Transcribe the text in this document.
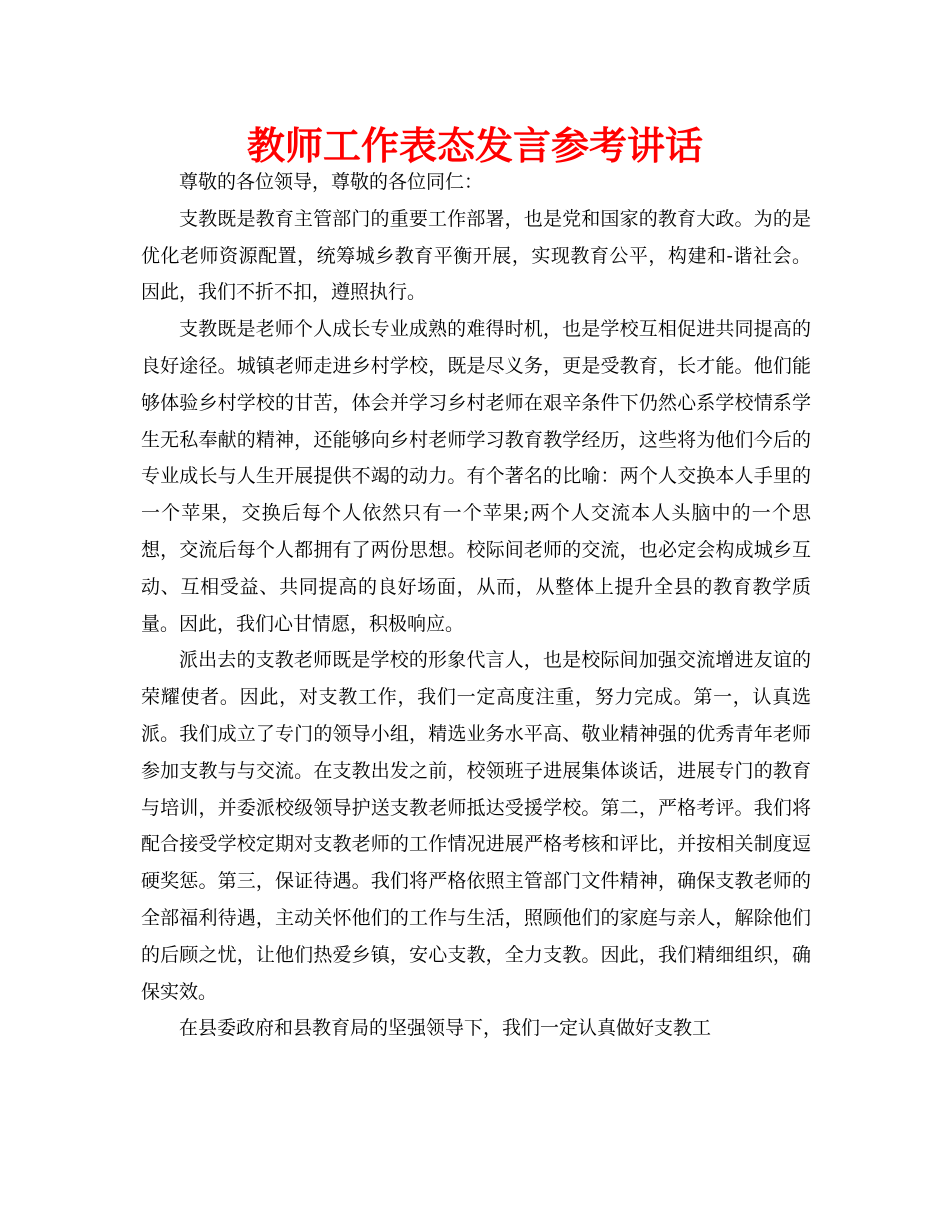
教师工作表态发言参考讲话

尊敬的各位领导，尊敬的各位同仁：

支教既是教育主管部门的重要工作部署，也是党和国家的教育大政。为的是优化老师资源配置，统筹城乡教育平衡开展，实现教育公平，构建和-谐社会。因此，我们不折不扣，遵照执行。

支教既是老师个人成长专业成熟的难得时机，也是学校互相促进共同提高的良好途径。城镇老师走进乡村学校，既是尽义务，更是受教育，长才能。他们能够体验乡村学校的甘苦，体会并学习乡村老师在艰辛条件下仍然心系学校情系学生无私奉献的精神，还能够向乡村老师学习教育教学经历，这些将为他们今后的专业成长与人生开展提供不竭的动力。有个著名的比喻：两个人交换本人手里的一个苹果，交换后每个人依然只有一个苹果;两个人交流本人头脑中的一个思想，交流后每个人都拥有了两份思想。校际间老师的交流，也必定会构成城乡互动、互相受益、共同提高的良好场面，从而，从整体上提升全县的教育教学质量。因此，我们心甘情愿，积极响应。

派出去的支教老师既是学校的形象代言人，也是校际间加强交流增进友谊的荣耀使者。因此，对支教工作，我们一定高度注重，努力完成。第一，认真选派。我们成立了专门的领导小组，精选业务水平高、敬业精神强的优秀青年老师参加支教与与交流。在支教出发之前，校领班子进展集体谈话，进展专门的教育与培训，并委派校级领导护送支教老师抵达受援学校。第二，严格考评。我们将配合接受学校定期对支教老师的工作情况进展严格考核和评比，并按相关制度逗硬奖惩。第三，保证待遇。我们将严格依照主管部门文件精神，确保支教老师的全部福利待遇，主动关怀他们的工作与生活，照顾他们的家庭与亲人，解除他们的后顾之忧，让他们热爱乡镇，安心支教，全力支教。因此，我们精细组织，确保实效。

在县委政府和县教育局的坚强领导下，我们一定认真做好支教工
